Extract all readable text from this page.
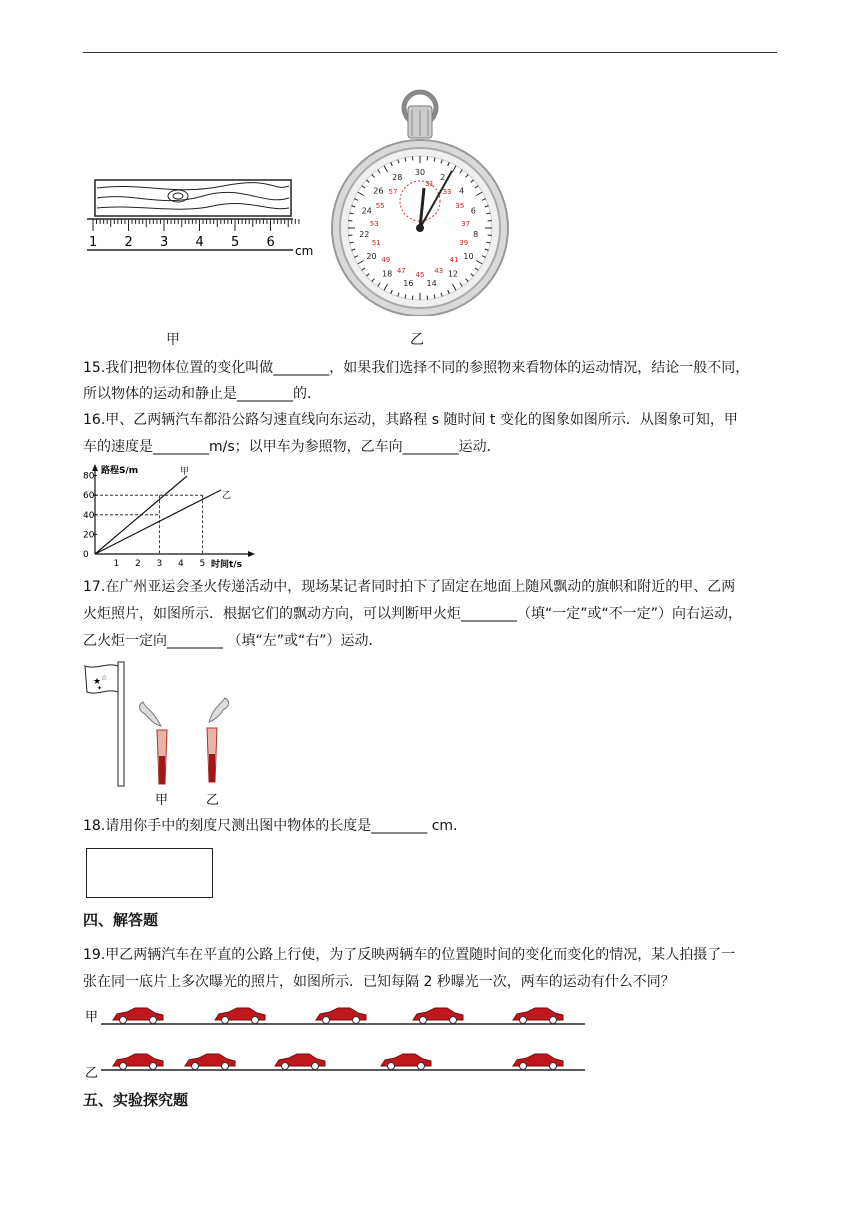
1 2 3 4 5 6
cm
甲
30
2
4
6
8
10
12
14
16
18
20
22
24
26
28
31
33
35
37
39
41
43
45
47
49
51
53
55
57
乙
15.我们把物体位置的变化叫做________，如果我们选择不同的参照物来看物体的运动情况，结论一般不同，
所以物体的运动和静止是________的．
16.甲、乙两辆汽车都沿公路匀速直线向东运动，其路程 s 随时间 t 变化的图象如图所示．从图象可知，甲
车的速度是________m/s；以甲车为参照物，乙车向________运动．
路程S/m
时间t/s
80
60
40
20
0
1 2 3 4 5
甲
乙
17.在广州亚运会圣火传递活动中，现场某记者同时拍下了固定在地面上随风飘动的旗帜和附近的甲、乙两
火炬照片，如图所示．根据它们的飘动方向，可以判断甲火炬________（填“一定”或“不一定”）向右运动，
乙火炬一定向________ （填“左”或“右”）运动．
★ ☆
✦
甲	乙
18.请用你手中的刻度尺测出图中物体的长度是________ cm．
四、解答题
19.甲乙两辆汽车在平直的公路上行使，为了反映两辆车的位置随时间的变化而变化的情况，某人拍摄了一
张在同一底片上多次曝光的照片，如图所示．已知每隔 2 秒曝光一次，两车的运动有什么不同？
甲
乙
五、实验探究题
